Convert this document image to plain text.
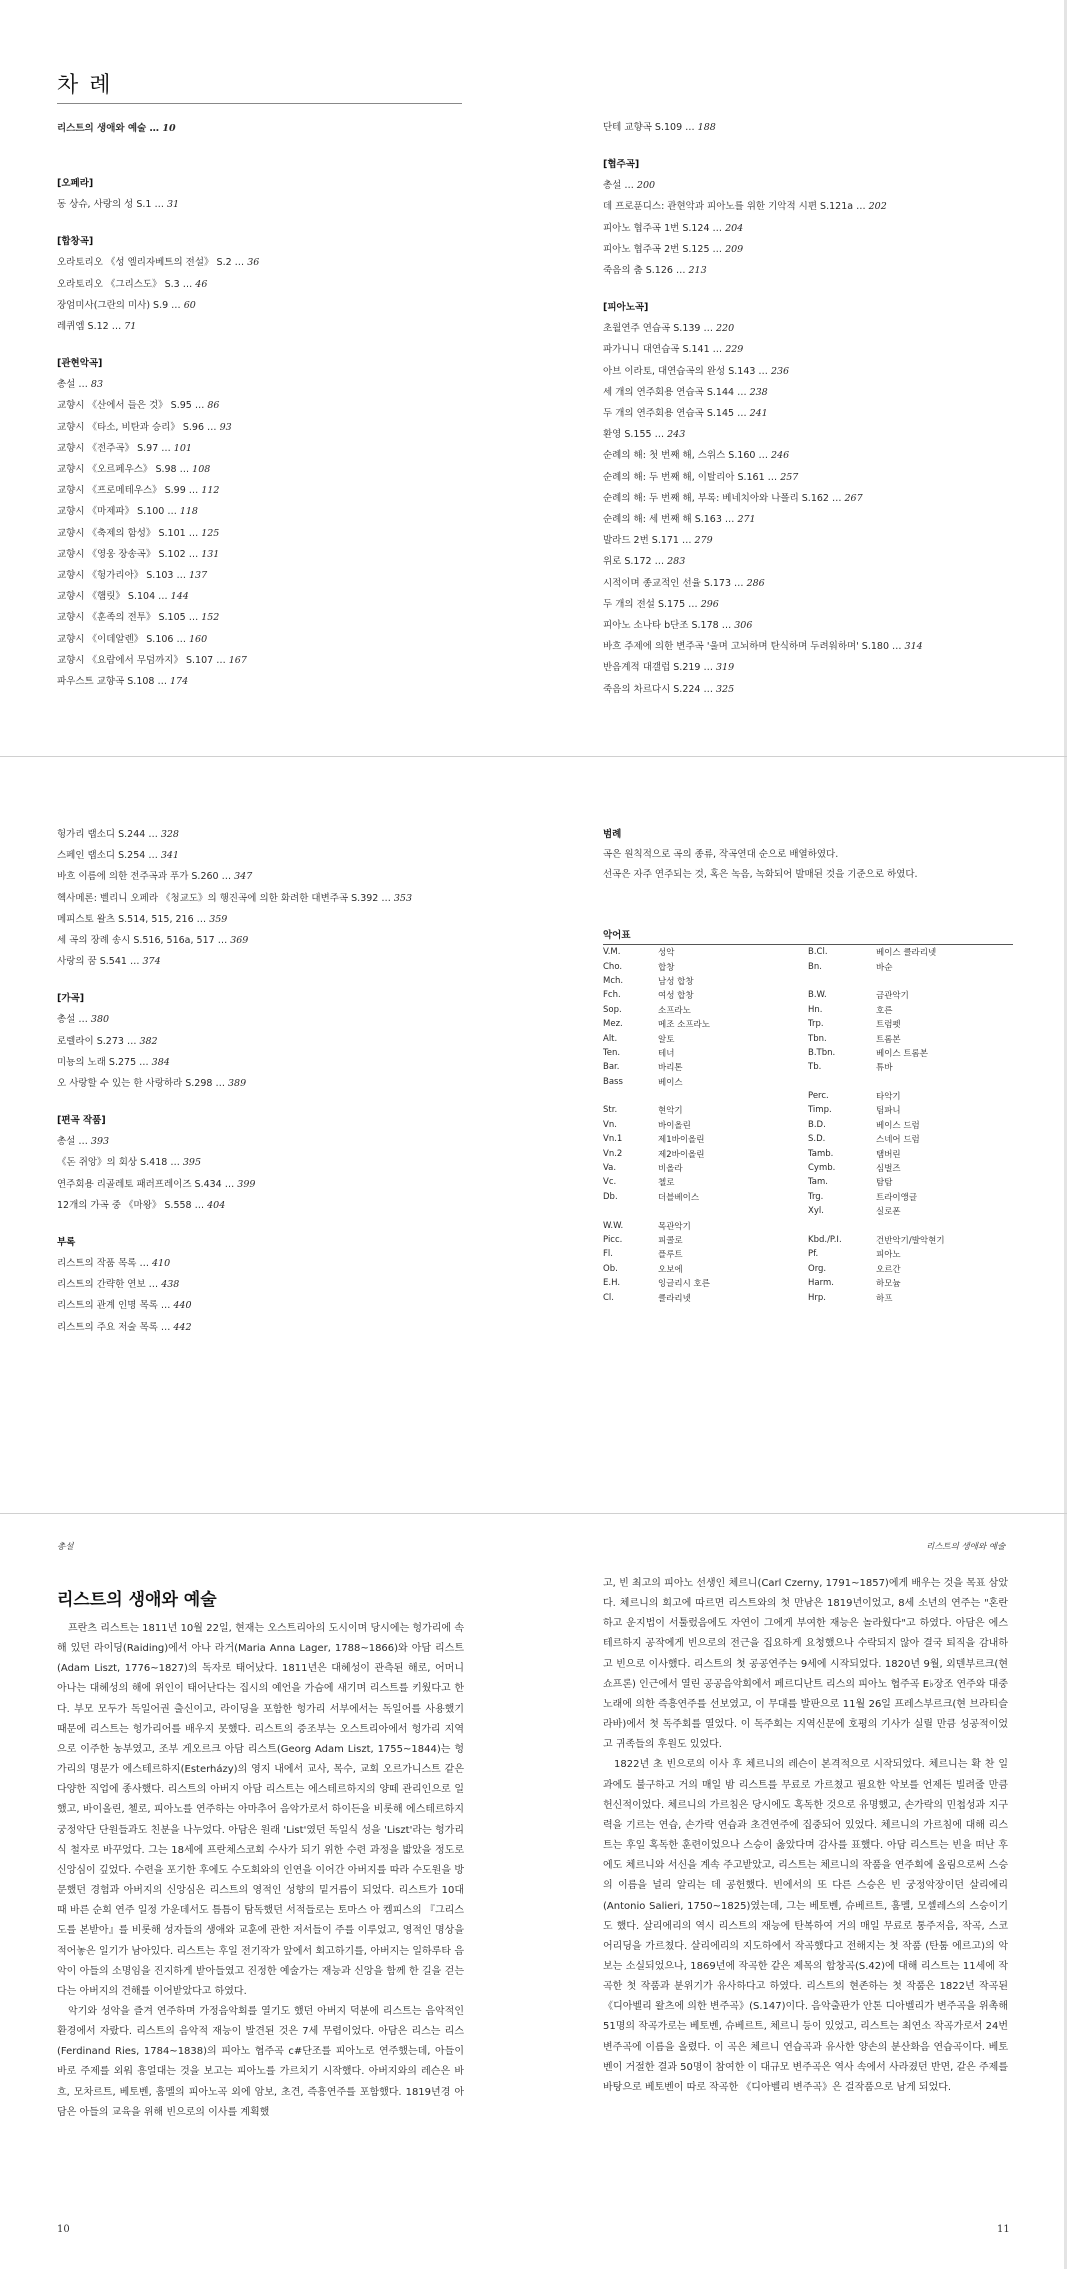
차 례
리스트의 생애와 예술 … 10
[오페라]
동 상슈, 사랑의 성 S.1 … 31
[합창곡]
오라토리오 《성 엘리자베트의 전설》 S.2 … 36
오라토리오 《그리스도》 S.3 … 46
장엄미사(그란의 미사) S.9 … 60
레퀴엠 S.12 … 71
[관현악곡]
총설 … 83
교향시 《산에서 들은 것》 S.95 … 86
교향시 《타소, 비탄과 승리》 S.96 … 93
교향시 《전주곡》 S.97 … 101
교향시 《오르페우스》 S.98 … 108
교향시 《프로메테우스》 S.99 … 112
교향시 《마제파》 S.100 … 118
교향시 《축제의 함성》 S.101 … 125
교향시 《영웅 장송곡》 S.102 … 131
교향시 《헝가리아》 S.103 … 137
교향시 《햄릿》 S.104 … 144
교향시 《훈족의 전투》 S.105 … 152
교향시 《이데알렌》 S.106 … 160
교향시 《요람에서 무덤까지》 S.107 … 167
파우스트 교향곡 S.108 … 174
단테 교향곡 S.109 … 188
[협주곡]
총설 … 200
데 프로푼디스: 관현악과 피아노를 위한 기악적 시편 S.121a … 202
피아노 협주곡 1번 S.124 … 204
피아노 협주곡 2번 S.125 … 209
죽음의 춤 S.126 … 213
[피아노곡]
초월연주 연습곡 S.139 … 220
파가니니 대연습곡 S.141 … 229
아브 이라토, 대연습곡의 완성 S.143 … 236
세 개의 연주회용 연습곡 S.144 … 238
두 개의 연주회용 연습곡 S.145 … 241
환영 S.155 … 243
순례의 해: 첫 번째 해, 스위스 S.160 … 246
순례의 해: 두 번째 해, 이탈리아 S.161 … 257
순례의 해: 두 번째 해, 부록: 베네치아와 나폴리 S.162 … 267
순례의 해: 세 번째 해 S.163 … 271
발라드 2번 S.171 … 279
위로 S.172 … 283
시적이며 종교적인 선율 S.173 … 286
두 개의 전설 S.175 … 296
피아노 소나타 b단조 S.178 … 306
바흐 주제에 의한 변주곡 '울며 고뇌하며 탄식하며 두려워하며' S.180 … 314
반음계적 대갤럽 S.219 … 319
죽음의 차르다시 S.224 … 325
헝가리 랩소디 S.244 … 328
스페인 랩소디 S.254 … 341
바흐 이름에 의한 전주곡과 푸가 S.260 … 347
헥사메론: 벨리니 오페라 《청교도》의 행진곡에 의한 화려한 대변주곡 S.392 … 353
메피스토 왈츠 S.514, 515, 216 … 359
세 곡의 장례 송시 S.516, 516a, 517 … 369
사랑의 꿈 S.541 … 374
[가곡]
총설 … 380
로렐라이 S.273 … 382
미뇽의 노래 S.275 … 384
오 사랑할 수 있는 한 사랑하라 S.298 … 389
[편곡 작품]
총설 … 393
《돈 쥐앙》의 회상 S.418 … 395
연주회용 리골레토 패러프레이즈 S.434 … 399
12개의 가곡 중 《마왕》 S.558 … 404
부록
리스트의 작품 목록 … 410
리스트의 간략한 연보 … 438
리스트의 관계 인명 목록 … 440
리스트의 주요 저술 목록 … 442
범례
곡은 원칙적으로 곡의 종류, 작곡연대 순으로 배열하였다.
선곡은 자주 연주되는 것, 혹은 녹음, 녹화되어 발매된 것을 기준으로 하였다.
악어표
V.M.	성악	B.Cl.	베이스 클라리넷
Cho.	합창	Bn.	바순
Mch.	남성 합창		
Fch.	여성 합창	B.W.	금관악기
Sop.	소프라노	Hn.	호른
Mez.	메조 소프라노	Trp.	트럼펫
Alt.	알토	Tbn.	트롬본
Ten.	테너	B.Tbn.	베이스 트롬본
Bar.	바리톤	Tb.	튜바
Bass	베이스		
		Perc.	타악기
Str.	현악기	Timp.	팀파니
Vn.	바이올린	B.D.	베이스 드럼
Vn.1	제1바이올린	S.D.	스네어 드럼
Vn.2	제2바이올린	Tamb.	탬버린
Va.	비올라	Cymb.	심벌즈
Vc.	첼로	Tam.	탐탐
Db.	더블베이스	Trg.	트라이앵글
		Xyl.	실로폰
W.W.	목관악기		
Picc.	피콜로	Kbd./P.I.	건반악기/발악현기
Fl.	플루트	Pf.	피아노
Ob.	오보에	Org.	오르간
E.H.	잉글리시 호른	Harm.	하모늄
Cl.	클라리넷	Hrp.	하프
총설	리스트의 생애와 예술
리스트의 생애와 예술

프란츠 리스트는 1811년 10월 22일, 현재는 오스트리아의 도시이며 당시에는 헝가리에 속해 있던 라이딩(Raiding)에서 아나 라거(Maria Anna Lager, 1788~1866)와 아담 리스트(Adam Liszt, 1776~1827)의 독자로 태어났다. 1811년은 대혜성이 관측된 해로, 어머니 아나는 대혜성의 해에 위인이 태어난다는 집시의 예언을 가슴에 새기며 리스트를 키웠다고 한다. 부모 모두가 독일어권 출신이고, 라이딩을 포함한 헝가리 서부에서는 독일어를 사용했기 때문에 리스트는 헝가리어를 배우지 못했다. 리스트의 증조부는 오스트리아에서 헝가리 지역으로 이주한 농부였고, 조부 게오르크 아담 리스트(Georg Adam Liszt, 1755~1844)는 헝가리의 명문가 에스테르하지(Esterházy)의 영지 내에서 교사, 목수, 교회 오르가니스트 같은 다양한 직업에 종사했다. 리스트의 아버지 아담 리스트는 에스테르하지의 양떼 관리인으로 일했고, 바이올린, 첼로, 피아노를 연주하는 아마추어 음악가로서 하이든을 비롯해 에스테르하지 궁정악단 단원들과도 친분을 나누었다. 아담은 원래 'List'였던 독일식 성을 'Liszt'라는 헝가리식 철자로 바꾸었다. 그는 18세에 프란체스코회 수사가 되기 위한 수련 과정을 밟았을 정도로 신앙심이 깊었다. 수련을 포기한 후에도 수도회와의 인연을 이어간 아버지를 따라 수도원을 방문했던 경험과 아버지의 신앙심은 리스트의 영적인 성향의 밑거름이 되었다. 리스트가 10대 때 바른 순회 연주 일정 가운데서도 틈틈이 탐독했던 서적들로는 토마스 아 켐피스의 『그리스도를 본받아』를 비롯해 성자들의 생애와 교훈에 관한 저서들이 주를 이루었고, 영적인 명상을 적어놓은 일기가 남아있다. 리스트는 후일 전기작가 앞에서 회고하기를, 아버지는 일하루타 음악이 아들의 소명임을 진지하게 받아들였고 진정한 예술가는 재능과 신앙을 함께 한 길을 걷는다는 아버지의 견해를 이어받았다고 하였다.

악기와 성악을 즐겨 연주하며 가정음악회를 열기도 했던 아버지 덕분에 리스트는 음악적인 환경에서 자랐다. 리스트의 음악적 재능이 발견된 것은 7세 무렵이었다. 아담은 리스는 리스(Ferdinand Ries, 1784~1838)의 피아노 협주곡 c#단조를 피아노로 연주했는데, 아들이 바로 주제를 외워 흥얼대는 것을 보고는 피아노를 가르치기 시작했다. 아버지와의 레슨은 바흐, 모차르트, 베토벤, 훔멜의 피아노곡 외에 암보, 초견, 즉흥연주를 포함했다. 1819년경 아담은 아들의 교육을 위해 빈으로의 이사를 계획했

고, 빈 최고의 피아노 선생인 체르니(Carl Czerny, 1791~1857)에게 배우는 것을 목표 삼았다. 체르니의 회고에 따르면 리스트와의 첫 만남은 1819년이었고, 8세 소년의 연주는 "혼란하고 운지법이 서툴렀음에도 자연이 그에게 부여한 재능은 놀라웠다"고 하였다. 아담은 에스테르하지 공작에게 빈으로의 전근을 집요하게 요청했으나 수락되지 않아 결국 퇴직을 감내하고 빈으로 이사했다. 리스트의 첫 공공연주는 9세에 시작되었다. 1820년 9월, 외덴부르크(현 쇼프론) 인근에서 열린 공공음악회에서 페르디난트 리스의 피아노 협주곡 E♭장조 연주와 대중노래에 의한 즉흥연주를 선보였고, 이 무대를 발판으로 11월 26일 프레스부르크(현 브라티슬라바)에서 첫 독주회를 열었다. 이 독주회는 지역신문에 호평의 기사가 실릴 만큼 성공적이었고 귀족들의 후원도 있었다.

1822년 초 빈으로의 이사 후 체르니의 레슨이 본격적으로 시작되었다. 체르니는 확 찬 일과에도 불구하고 거의 매일 밤 리스트를 무료로 가르쳤고 필요한 악보를 언제든 빌려줄 만큼 헌신적이었다. 체르니의 가르침은 당시에도 혹독한 것으로 유명했고, 손가락의 민첩성과 지구력을 기르는 연습, 손가락 연습과 초견연주에 집중되어 있었다. 체르니의 가르침에 대해 리스트는 후일 혹독한 훈련이었으나 스승이 옳았다며 감사를 표했다. 아담 리스트는 빈을 떠난 후에도 체르니와 서신을 계속 주고받았고, 리스트는 체르니의 작품을 연주회에 올림으로써 스승의 이름을 널리 알리는 데 공헌했다. 빈에서의 또 다른 스승은 빈 궁정악장이던 살리에리(Antonio Salieri, 1750~1825)였는데, 그는 베토벤, 슈베르트, 훔멜, 모셸레스의 스승이기도 했다. 살리에리의 역시 리스트의 재능에 탄복하여 거의 매일 무료로 통주저음, 작곡, 스코어리딩을 가르쳤다. 살리에리의 지도하에서 작곡했다고 전해지는 첫 작품 (탄툼 에르고)의 악보는 소실되었으나, 1869년에 작곡한 같은 제목의 합창곡(S.42)에 대해 리스트는 11세에 작곡한 첫 작품과 분위기가 유사하다고 하였다. 리스트의 현존하는 첫 작품은 1822년 작곡된 《디아벨리 왈츠에 의한 변주곡》(S.147)이다. 음악출판가 안톤 디아벨리가 변주곡을 위촉해 51명의 작곡가로는 베토벤, 슈베르트, 체르니 등이 있었고, 리스트는 최연소 작곡가로서 24번 변주곡에 이름을 올렸다. 이 곡은 체르니 연습곡과 유사한 양손의 분산화음 연습곡이다. 베토벤이 거절한 결과 50명이 참여한 이 대규모 변주곡은 역사 속에서 사라졌던 반면, 같은 주제를 바탕으로 베토벤이 따로 작곡한 《디아벨리 변주곡》은 걸작품으로 남게 되었다.

10	11
